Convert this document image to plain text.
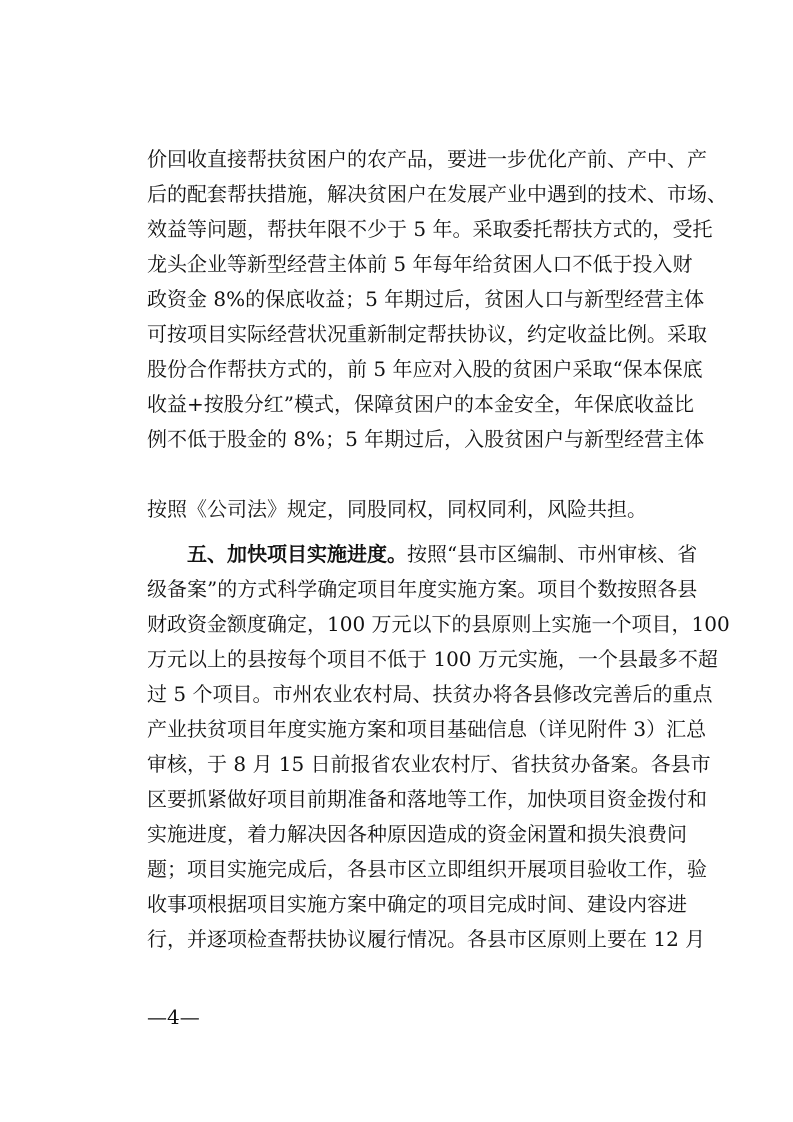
价回收直接帮扶贫困户的农产品，要进一步优化产前、产中、产
后的配套帮扶措施，解决贫困户在发展产业中遇到的技术、市场、
效益等问题，帮扶年限不少于 5 年。采取委托帮扶方式的，受托
龙头企业等新型经营主体前 5 年每年给贫困人口不低于投入财
政资金 8%的保底收益；5 年期过后，贫困人口与新型经营主体
可按项目实际经营状况重新制定帮扶协议，约定收益比例。采取
股份合作帮扶方式的，前 5 年应对入股的贫困户采取“保本保底
收益+按股分红”模式，保障贫困户的本金安全，年保底收益比
例不低于股金的 8%；5 年期过后，入股贫困户与新型经营主体
按照《公司法》规定，同股同权，同权同利，风险共担。
五、加快项目实施进度。按照“县市区编制、市州审核、省
级备案”的方式科学确定项目年度实施方案。项目个数按照各县
财政资金额度确定，100 万元以下的县原则上实施一个项目，100
万元以上的县按每个项目不低于 100 万元实施，一个县最多不超
过 5 个项目。市州农业农村局、扶贫办将各县修改完善后的重点
产业扶贫项目年度实施方案和项目基础信息（详见附件 3）汇总
审核，于 8 月 15 日前报省农业农村厅、省扶贫办备案。各县市
区要抓紧做好项目前期准备和落地等工作，加快项目资金拨付和
实施进度，着力解决因各种原因造成的资金闲置和损失浪费问
题；项目实施完成后，各县市区立即组织开展项目验收工作，验
收事项根据项目实施方案中确定的项目完成时间、建设内容进
行，并逐项检查帮扶协议履行情况。各县市区原则上要在 12 月
—4—
